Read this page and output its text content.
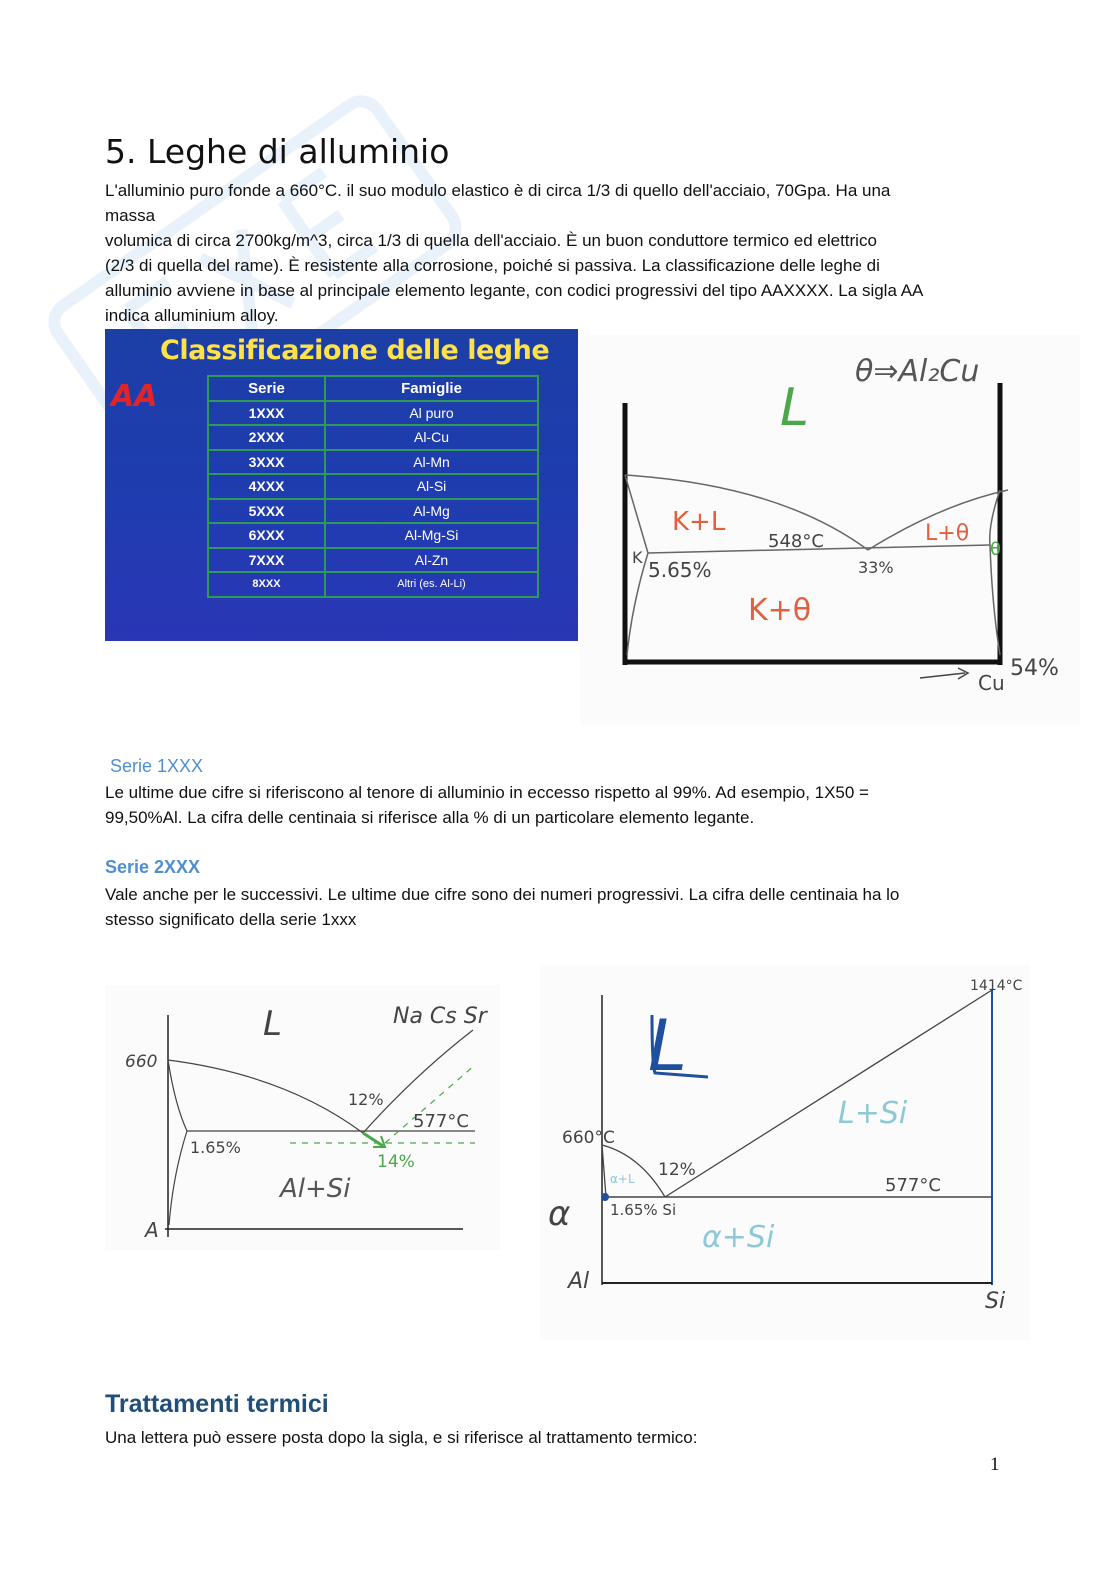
5. Leghe di alluminio

L'alluminio puro fonde a 660°C. il suo modulo elastico è di circa 1/3 di quello dell'acciaio, 70Gpa. Ha una
massa
volumica di circa 2700kg/m^3, circa 1/3 di quella dell'acciaio. È un buon conduttore termico ed elettrico
(2/3 di quella del rame). È resistente alla corrosione, poiché si passiva. La classificazione delle leghe di
alluminio avviene in base al principale elemento legante, con codici progressivi del tipo AAXXXX. La sigla AA
indica alluminium alloy.

Classificazione delle leghe
AA	Serie	Famiglie
1XXX	Al puro
2XXX	Al-Cu
3XXX	Al-Mn
4XXX	Al-Si
5XXX	Al-Mg
6XXX	Al-Mg-Si
7XXX	Al-Zn
8XXX	Altri (es. Al-Li)
θ⇒Al₂Cu
L
K+L	L+θ
K+θ
K	θ
548°C
5.65%	33%
54%
Cu
Serie 1XXX

Le ultime due cifre si riferiscono al tenore di alluminio in eccesso rispetto al 99%. Ad esempio, 1X50 =
99,50%Al. La cifra delle centinaia si riferisce alla % di un particolare elemento legante.

Serie 2XXX

Vale anche per le successivi. Le ultime due cifre sono dei numeri progressivi. La cifra delle centinaia ha lo
stesso significato della serie 1xxx

660
L	Na Cs Sr
12%
577°C
1.65%
14%
Al+Si
A
1414°C
L+Si
660°C
α+L 12%
577°C
α	1.65% Si
α+Si
Al
Si
L
Trattamenti termici

Una lettera può essere posta dopo la sigla, e si riferisce al trattamento termico:

1
